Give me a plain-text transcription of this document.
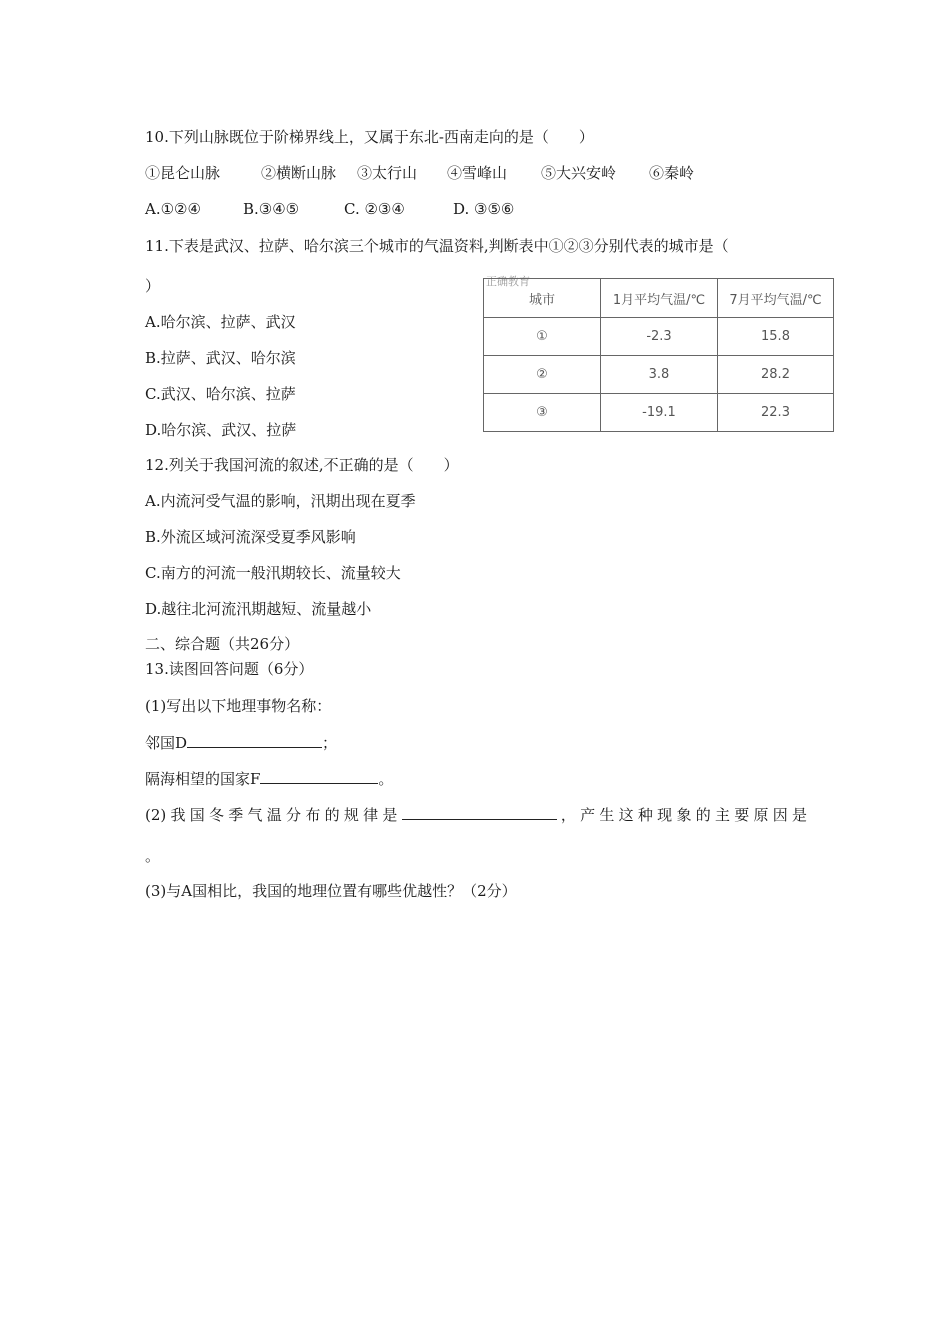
10.下列山脉既位于阶梯界线上，又属于东北-西南走向的是（　　）
①昆仑山脉	②横断山脉 ③太行山 ④雪峰山 ⑤大兴安岭 ⑥秦岭
A.①②④	B.③④⑤	C. ②③④	D. ③⑤⑥
11.下表是武汉、拉萨、哈尔滨三个城市的气温资料,判断表中①②③分别代表的城市是（
）
A.哈尔滨、拉萨、武汉
B.拉萨、武汉、哈尔滨
C.武汉、哈尔滨、拉萨
D.哈尔滨、武汉、拉萨
正确教育
城市	1月平均气温/℃	7月平均气温/℃
①	-2.3	15.8
②	3.8	28.2
③	-19.1	22.3
12.列关于我国河流的叙述,不正确的是（　　）
A.内流河受气温的影响，汛期出现在夏季
B.外流区域河流深受夏季风影响
C.南方的河流一般汛期较长、流量较大
D.越往北河流汛期越短、流量越小
二、综合题（共26分）
13.读图回答问题（6分）
(1)写出以下地理事物名称：
邻国D	；
隔海相望的国家F	。
(2)我国冬季气温分布的规律是	，产生这种现象的主要原因是
。
(3)与A国相比，我国的地理位置有哪些优越性？（2分）
